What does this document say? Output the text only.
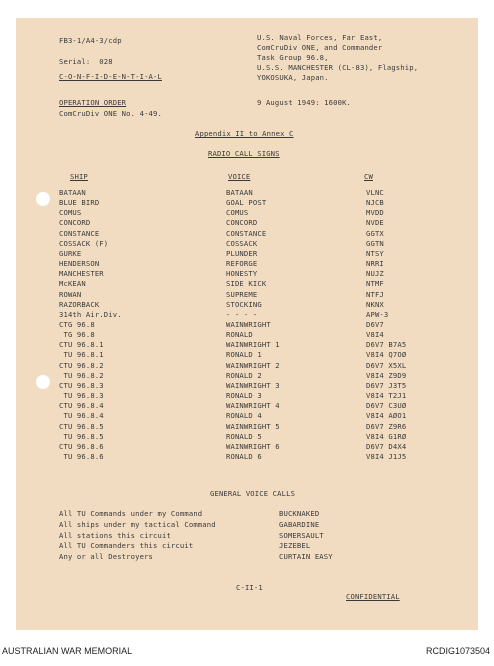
FB3-1/A4-3/cdp
Serial:  028
C-O-N-F-I-D-E-N-T-I-A-L
OPERATION ORDER
ComCruDiv ONE No. 4-49.
U.S. Naval Forces, Far East,
ComCruDiv ONE, and Commander
Task Group 96.8,
U.S.S. MANCHESTER (CL-83), Flagship,
YOKOSUKA, Japan.
9 August 1949: 1600K.
Appendix II to Annex C
RADIO CALL SIGNS
SHIP	VOICE	CW
BATAAN	BATAAN	VLNC
BLUE BIRD	GOAL POST	NJCB
COMUS	COMUS	MVDD
CONCORD	CONCORD	NVDE
CONSTANCE	CONSTANCE	GGTX
COSSACK (F)	COSSACK	GGTN
GURKE	PLUNDER	NTSY
HENDERSON	REFORGE	NRRI
MANCHESTER	HONESTY	NUJZ
McKEAN	SIDE KICK	NTMF
ROWAN	SUPREME	NTFJ
RAZORBACK	STOCKING	NKNX
314th Air.Div.	- - - -	APW-3
CTG 96.8	WAINWRIGHT	D6V7
TG 96.8	RONALD	V8I4
CTU 96.8.1	WAINWRIGHT 1	D6V7 B7A5
TU 96.8.1	RONALD 1	V8I4 Q7OØ
CTU 96.8.2	WAINWRIGHT 2	D6V7 X5XL
TU 96.8.2	RONALD 2	V8I4 Z9D9
CTU 96.8.3	WAINWRIGHT 3	D6V7 J3T5
TU 96.8.3	RONALD 3	V8I4 T2J1
CTU 96.8.4	WAINWRIGHT 4	D6V7 C3UØ
TU 96.8.4	RONALD 4	V8I4 AØO1
CTU 96.8.5	WAINWRIGHT 5	D6V7 Z9R6
TU 96.8.5	RONALD 5	V8I4 G1RØ
CTU 96.8.6	WAINWRIGHT 6	D6V7 D4X4
TU 96.8.6	RONALD 6	V8I4 J1J5
GENERAL VOICE CALLS
All TU Commands under my Command	BUCKNAKED
All ships under my tactical Command	GABARDINE
All stations this circuit	SOMERSAULT
All TU Commanders this circuit	JEZEBEL
Any or all Destroyers	CURTAIN EASY
C-II-1
CONFIDENTIAL
AUSTRALIAN WAR MEMORIAL	RCDIG1073504
